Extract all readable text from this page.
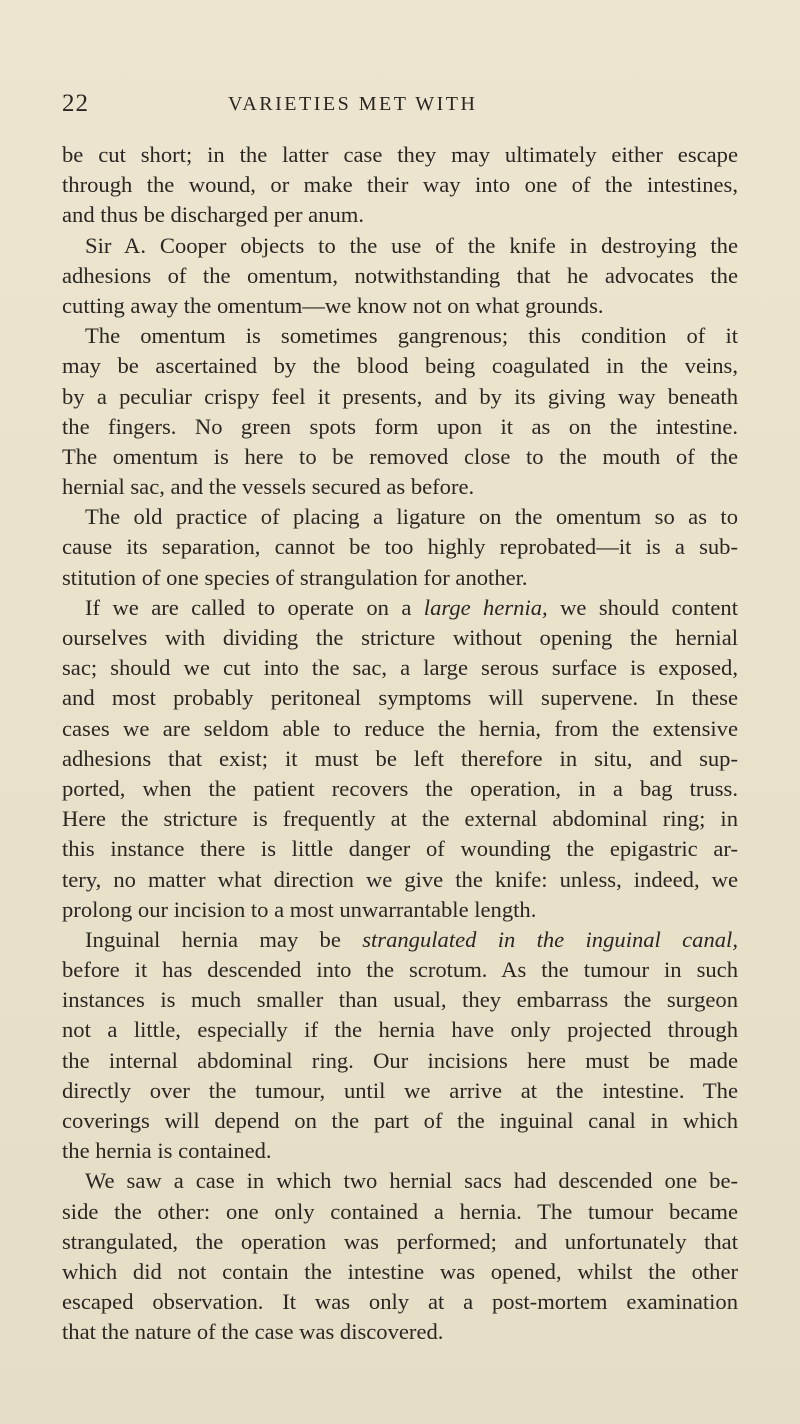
22	VARIETIES MET WITH
be cut short; in the latter case they may ultimately either escape
through the wound, or make their way into one of the intestines,
and thus be discharged per anum.
Sir A. Cooper objects to the use of the knife in destroying the
adhesions of the omentum, notwithstanding that he advocates the
cutting away the omentum—we know not on what grounds.
The omentum is sometimes gangrenous; this condition of it
may be ascertained by the blood being coagulated in the veins,
by a peculiar crispy feel it presents, and by its giving way beneath
the fingers. No green spots form upon it as on the intestine.
The omentum is here to be removed close to the mouth of the
hernial sac, and the vessels secured as before.
The old practice of placing a ligature on the omentum so as to
cause its separation, cannot be too highly reprobated—it is a sub-
stitution of one species of strangulation for another.
If we are called to operate on a large hernia, we should content
ourselves with dividing the stricture without opening the hernial
sac; should we cut into the sac, a large serous surface is exposed,
and most probably peritoneal symptoms will supervene. In these
cases we are seldom able to reduce the hernia, from the extensive
adhesions that exist; it must be left therefore in situ, and sup-
ported, when the patient recovers the operation, in a bag truss.
Here the stricture is frequently at the external abdominal ring; in
this instance there is little danger of wounding the epigastric ar-
tery, no matter what direction we give the knife: unless, indeed, we
prolong our incision to a most unwarrantable length.
Inguinal hernia may be strangulated in the inguinal canal,
before it has descended into the scrotum. As the tumour in such
instances is much smaller than usual, they embarrass the surgeon
not a little, especially if the hernia have only projected through
the internal abdominal ring. Our incisions here must be made
directly over the tumour, until we arrive at the intestine. The
coverings will depend on the part of the inguinal canal in which
the hernia is contained.
We saw a case in which two hernial sacs had descended one be-
side the other: one only contained a hernia. The tumour became
strangulated, the operation was performed; and unfortunately that
which did not contain the intestine was opened, whilst the other
escaped observation. It was only at a post-mortem examination
that the nature of the case was discovered.
